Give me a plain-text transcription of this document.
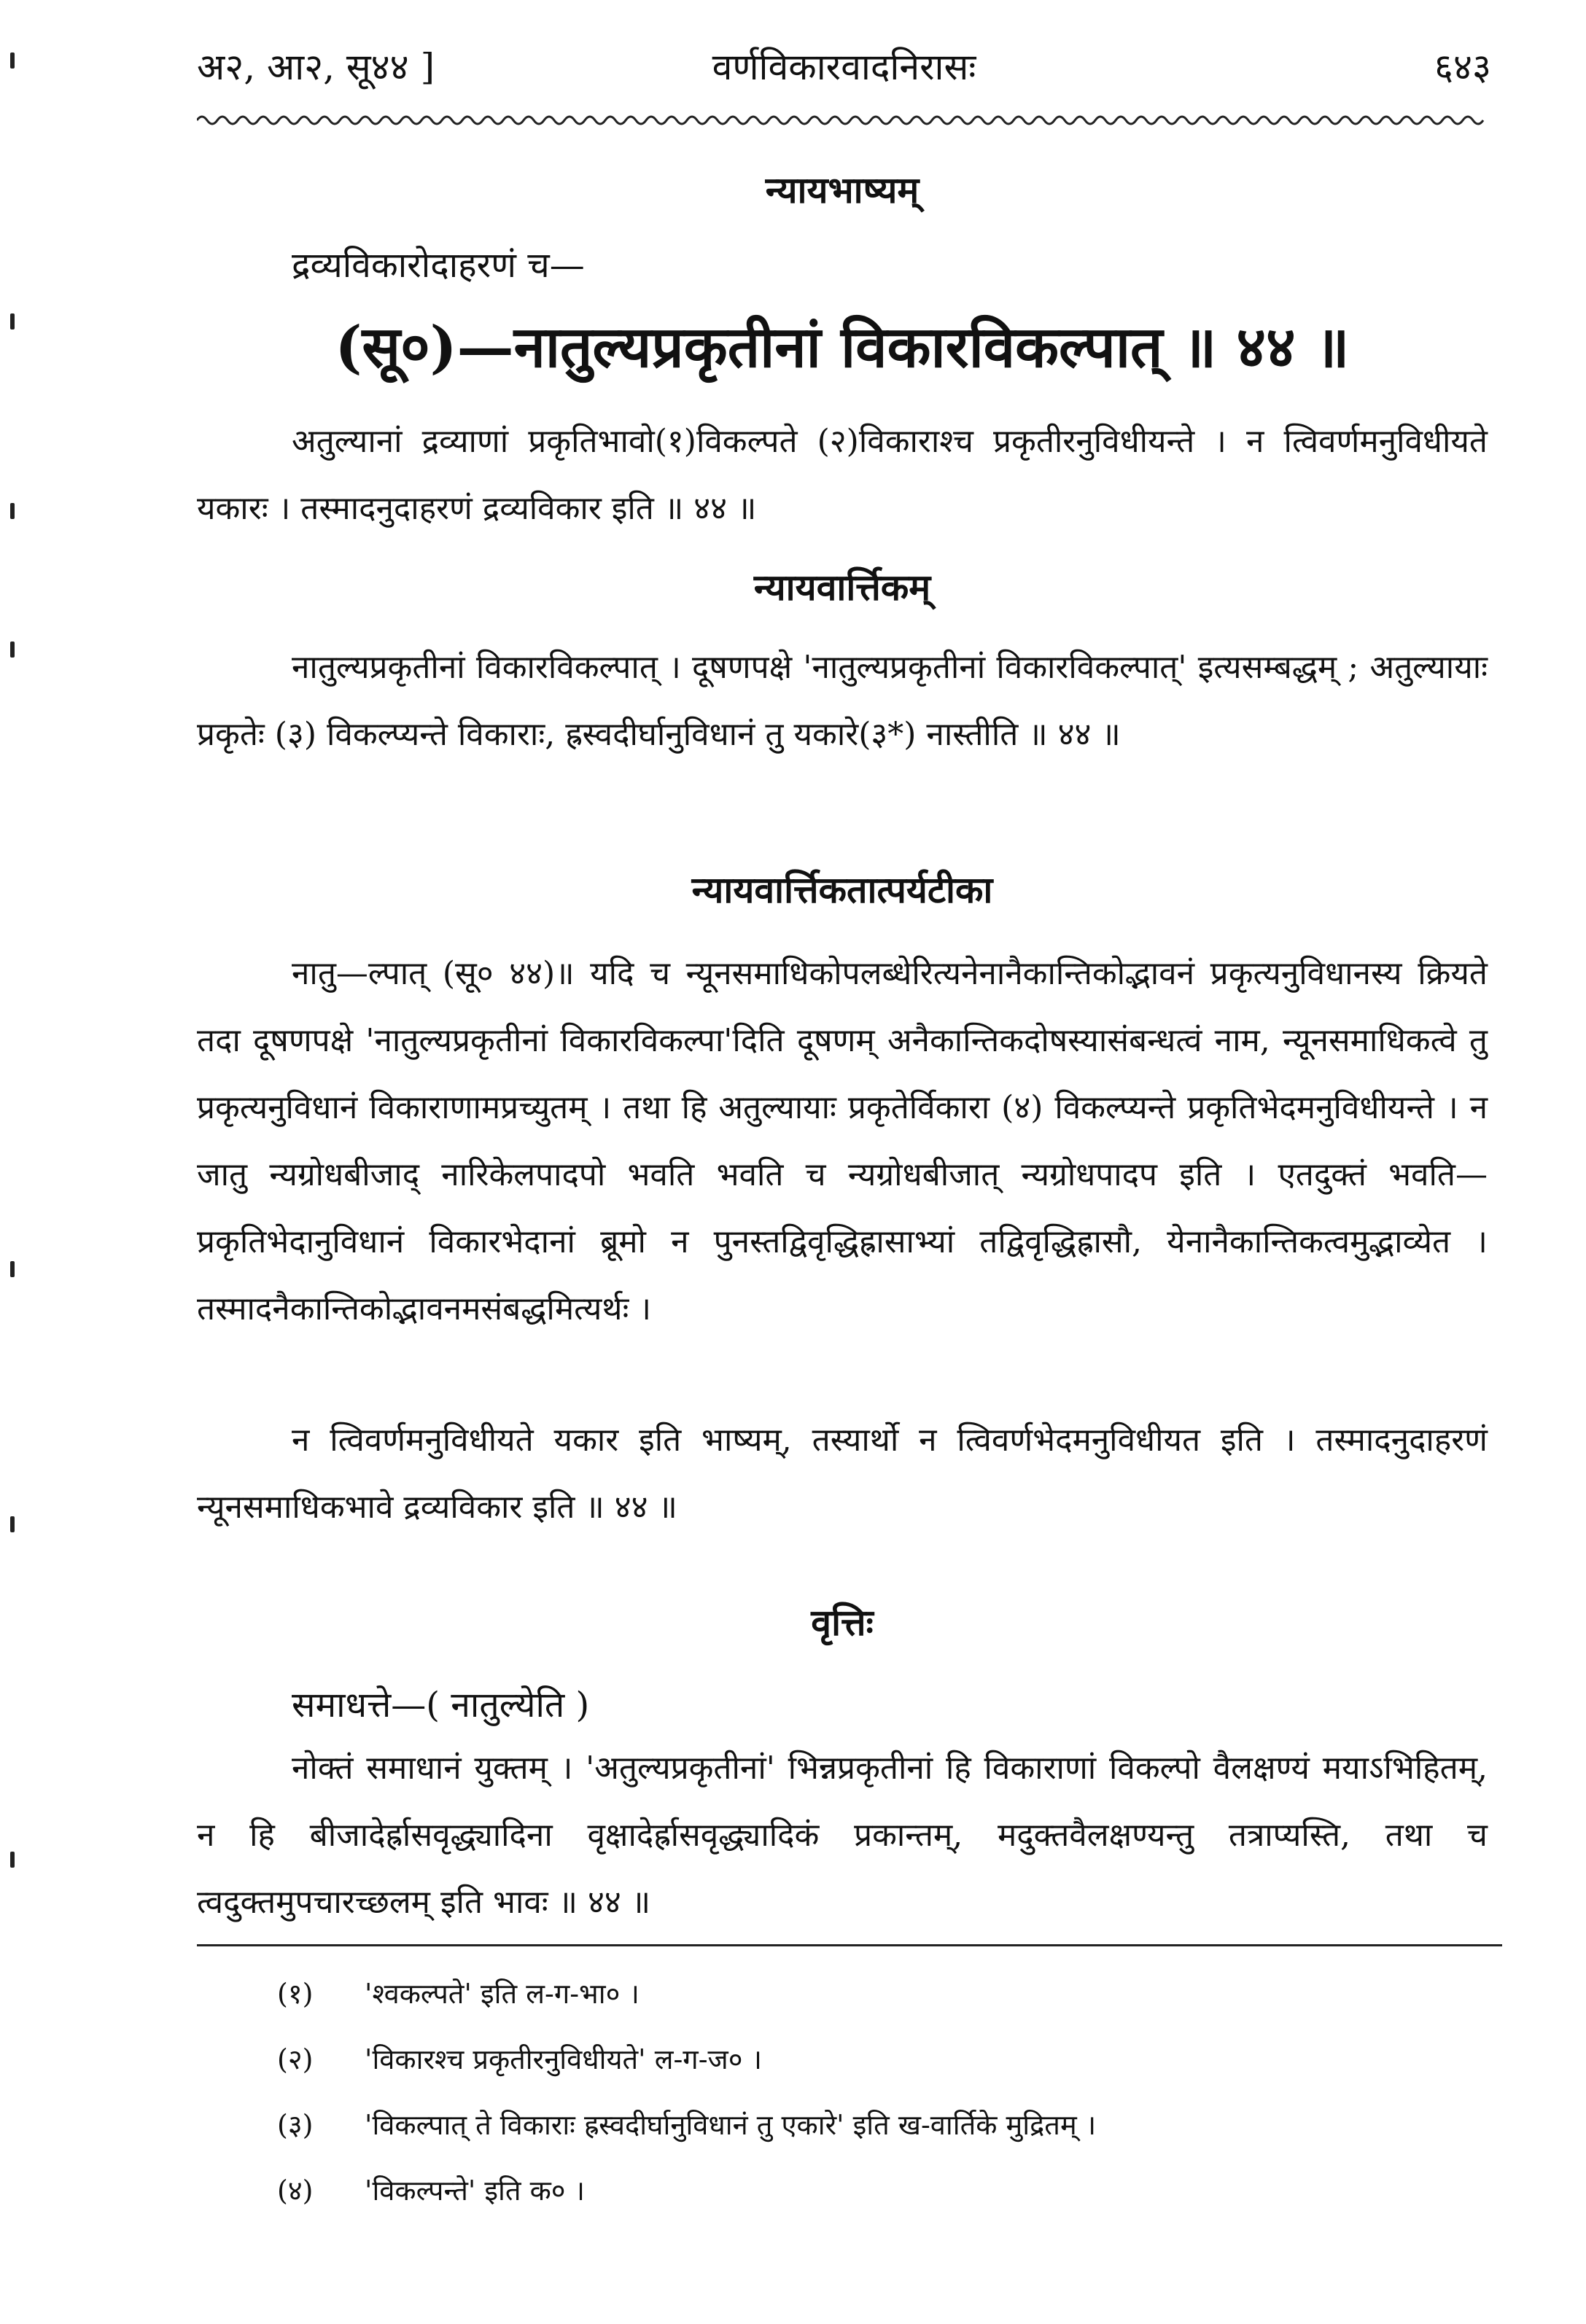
अ२, आ२, सू४४ ]	वर्णविकारवादनिरासः	६४३
न्यायभाष्यम्
द्रव्यविकारोदाहरणं च—
(सू०)—नातुल्यप्रकृतीनां विकारविकल्पात् ॥ ४४ ॥
अतुल्यानां द्रव्याणां प्रकृतिभावो(१)विकल्पते (२)विकाराश्च प्रकृतीरनुविधीयन्ते । न त्विवर्णमनुविधीयते यकारः । तस्मादनुदाहरणं द्रव्यविकार इति ॥ ४४ ॥
न्यायवार्त्तिकम्
नातुल्यप्रकृतीनां विकारविकल्पात् । दूषणपक्षे 'नातुल्यप्रकृतीनां विकारविकल्पात्' इत्यसम्बद्धम् ; अतुल्यायाः प्रकृतेः (३) विकल्प्यन्ते विकाराः, ह्रस्वदीर्घानुविधानं तु यकारे(३*) नास्तीति ॥ ४४ ॥
न्यायवार्त्तिकतात्पर्यटीका
नातु—ल्पात् (सू० ४४)॥ यदि च न्यूनसमाधिकोपलब्धेरित्यनेनानैकान्तिकोद्भावनं प्रकृत्यनुविधानस्य क्रियते तदा दूषणपक्षे 'नातुल्यप्रकृतीनां विकारविकल्पा'दिति दूषणम् अनैकान्तिकदोषस्यासंबन्धत्वं नाम, न्यूनसमाधिकत्वे तु प्रकृत्यनुविधानं विकाराणामप्रच्युतम् । तथा हि अतुल्यायाः प्रकृतेर्विकारा (४) विकल्प्यन्ते प्रकृतिभेदमनुविधीयन्ते । न जातु न्यग्रोधबीजाद् नारिकेलपादपो भवति भवति च न्यग्रोधबीजात् न्यग्रोधपादप इति । एतदुक्तं भवति—प्रकृतिभेदानुविधानं विकारभेदानां ब्रूमो न पुनस्तद्विवृद्धिह्रासाभ्यां तद्विवृद्धिह्रासौ, येनानैकान्तिकत्वमुद्भाव्येत । तस्मादनैकान्तिकोद्भावनमसंबद्धमित्यर्थः ।
न त्विवर्णमनुविधीयते यकार इति भाष्यम्, तस्यार्थो न त्विवर्णभेदमनुविधीयत इति । तस्मादनुदाहरणं न्यूनसमाधिकभावे द्रव्यविकार इति ॥ ४४ ॥
वृत्तिः
समाधत्ते—( नातुल्येति )
नोक्तं समाधानं युक्तम् । 'अतुल्यप्रकृतीनां' भिन्नप्रकृतीनां हि विकाराणां विकल्पो वैलक्षण्यं मयाऽभिहितम्, न हि बीजादेर्ह्रासवृद्ध्यादिना वृक्षादेर्ह्रासवृद्ध्यादिकं प्रकान्तम्, मदुक्तवैलक्षण्यन्तु तत्राप्यस्ति, तथा च त्वदुक्तमुपचारच्छलम् इति भावः ॥ ४४ ॥
(१) 'श्वकल्पते' इति ल-ग-भा० ।
(२) 'विकारश्च प्रकृतीरनुविधीयते' ल-ग-ज० ।
(३) 'विकल्पात् ते विकाराः ह्रस्वदीर्घानुविधानं तु एकारे' इति ख-वार्तिके मुद्रितम् ।
(४) 'विकल्पन्ते' इति क० ।
